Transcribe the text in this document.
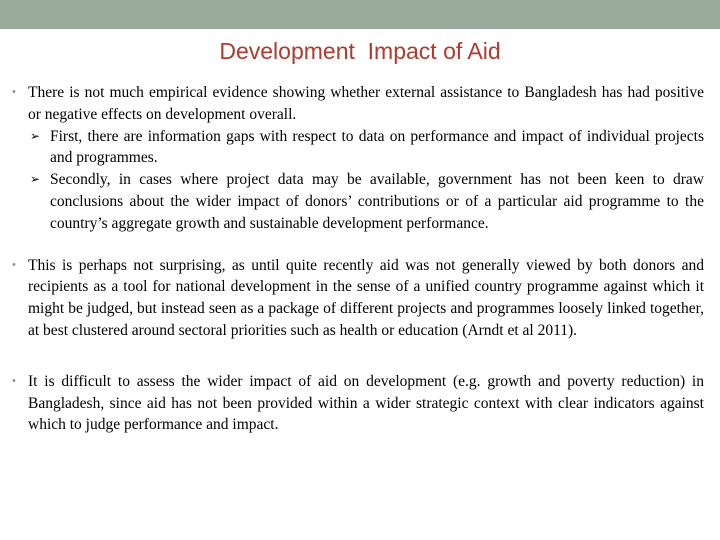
Development  Impact of Aid
• There is not much empirical evidence showing whether external assistance to Bangladesh has had positive or negative effects on development overall.
➢ First, there are information gaps with respect to data on performance and impact of individual projects and programmes.
➢ Secondly, in cases where project data may be available, government has not been keen to draw conclusions about the wider impact of donors’ contributions or of a particular aid programme to the country’s aggregate growth and sustainable development performance.
• This is perhaps not surprising, as until quite recently aid was not generally viewed by both donors and recipients as a tool for national development in the sense of a unified country programme against which it might be judged, but instead seen as a package of different projects and programmes loosely linked together, at best clustered around sectoral priorities such as health or education (Arndt et al 2011).
• It is difficult to assess the wider impact of aid on development (e.g. growth and poverty reduction) in Bangladesh, since aid has not been provided within a wider strategic context with clear indicators against which to judge performance and impact.
